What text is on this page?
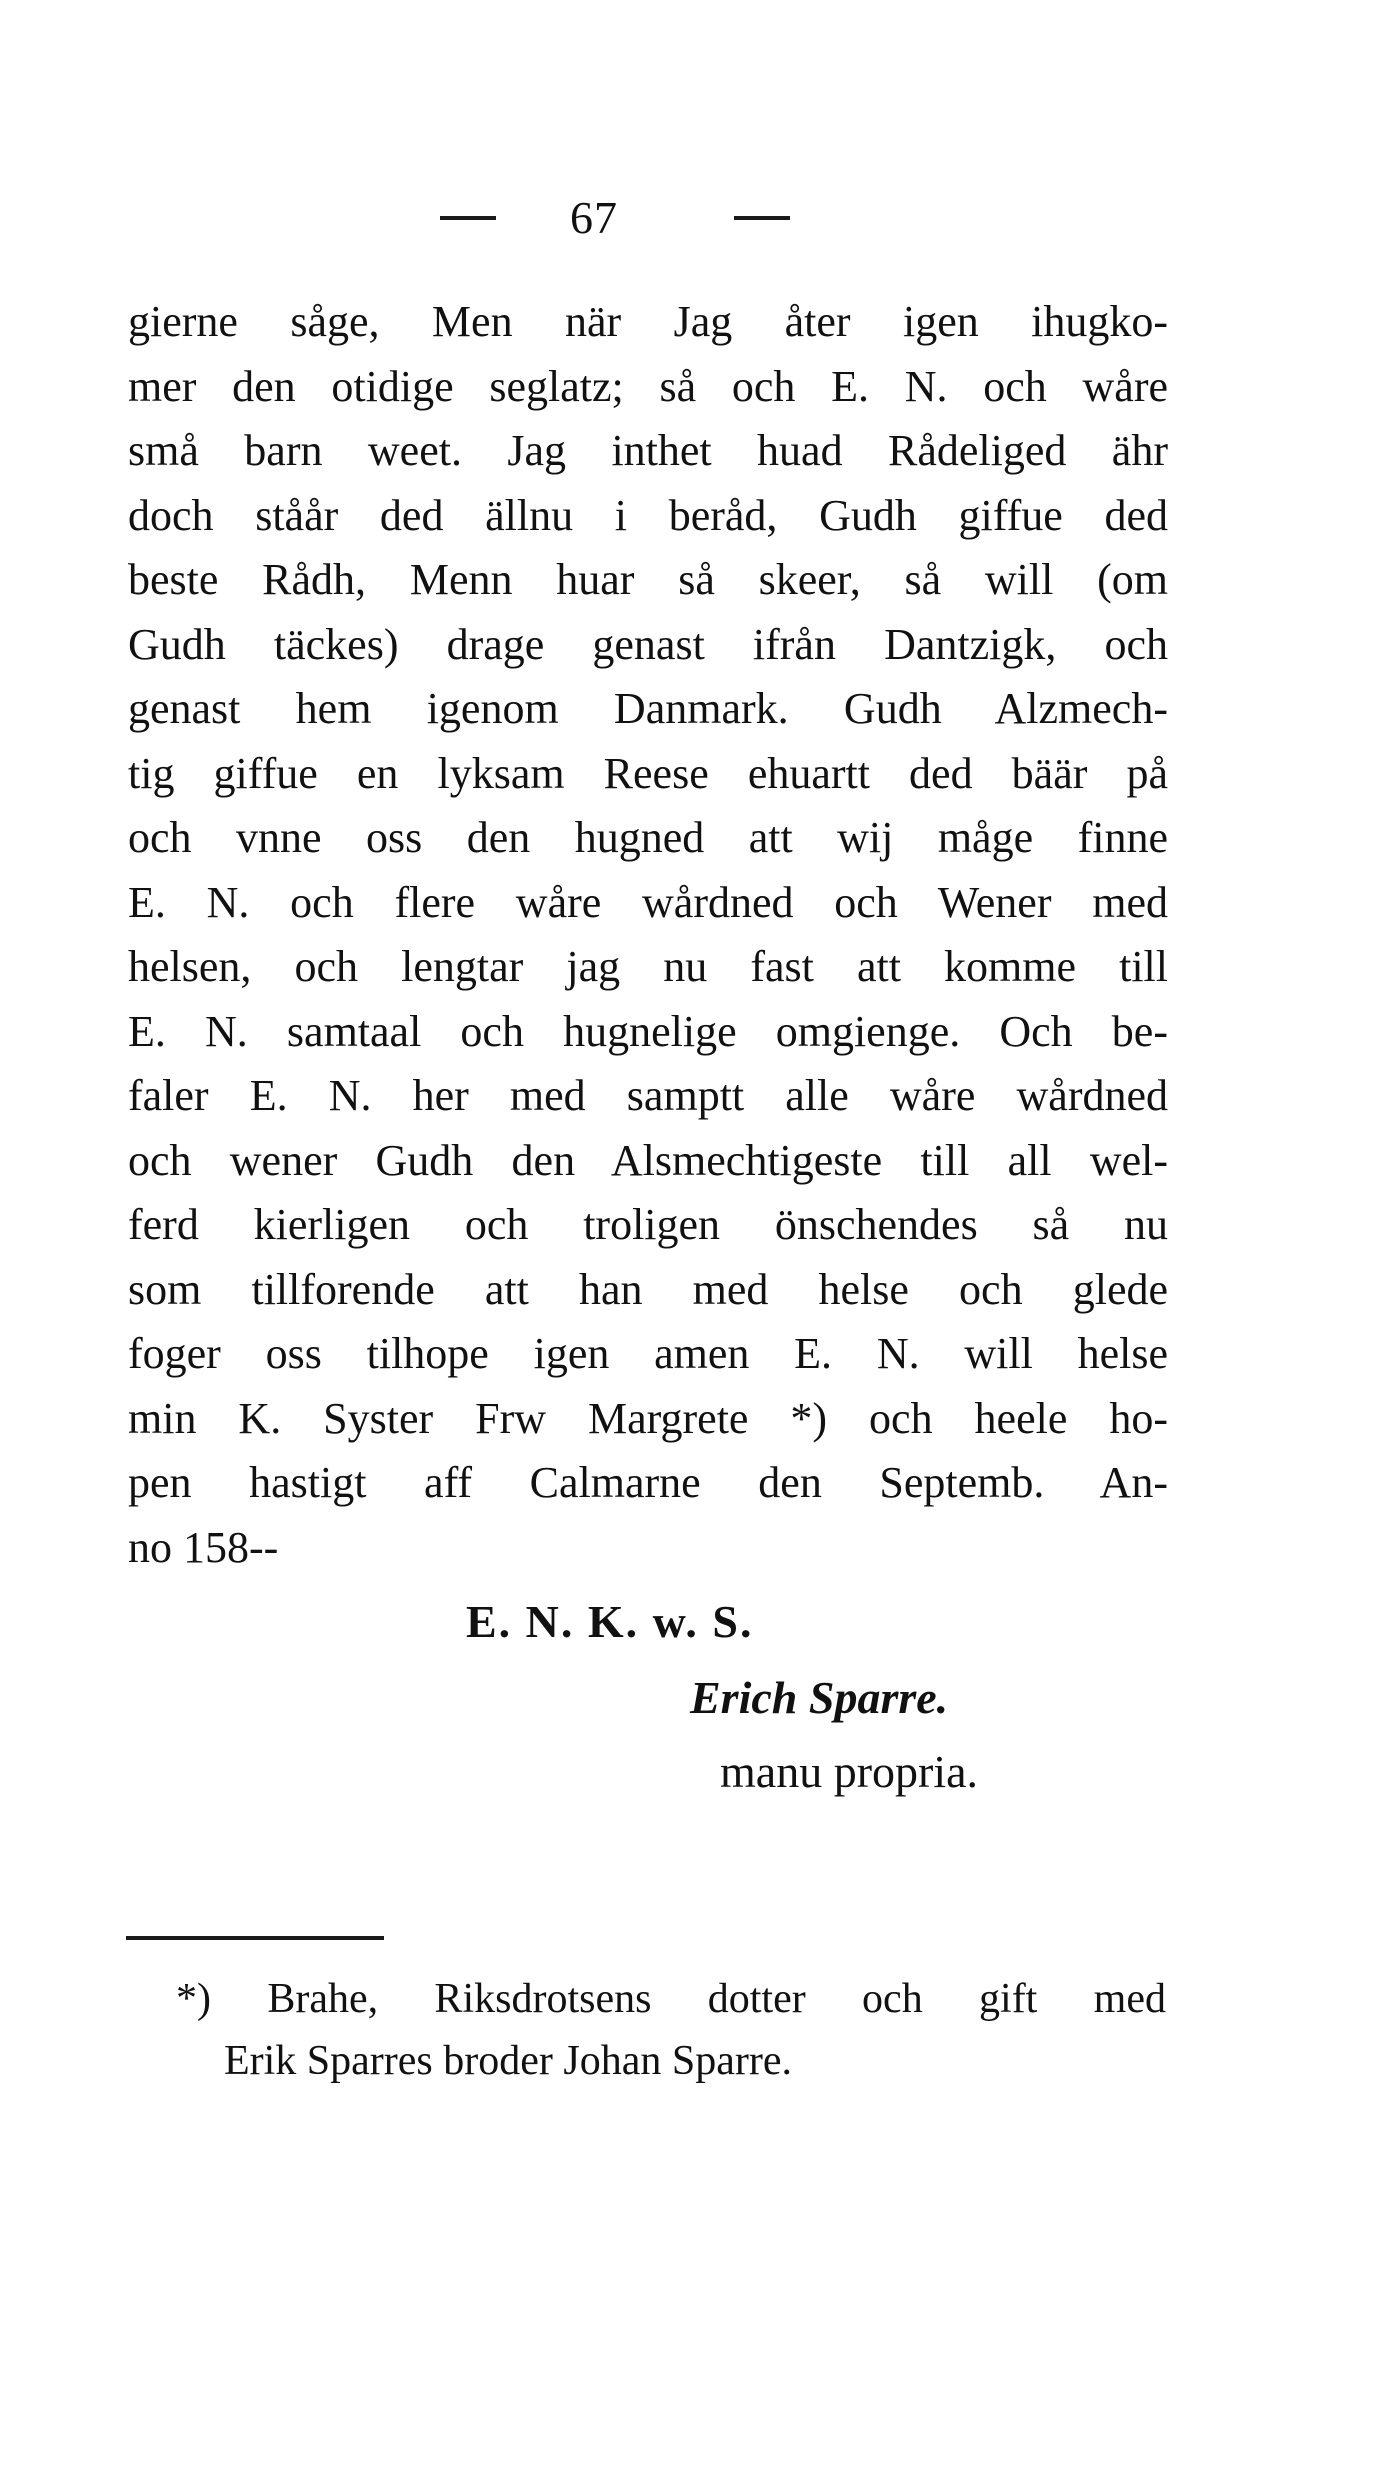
67
gierne såge, Men när Jag åter igen ihugko-
mer den otidige seglatz; så och E. N. och wåre
små barn weet. Jag inthet huad Rådeliged ähr
doch ståår ded ällnu i beråd, Gudh giffue ded
beste Rådh, Menn huar så skeer, så will (om
Gudh täckes) drage genast ifrån Dantzigk, och
genast hem igenom Danmark. Gudh Alzmech-
tig giffue en lyksam Reese ehuartt ded bäär på
och vnne oss den hugned att wij måge finne
E. N. och flere wåre wårdned och Wener med
helsen, och lengtar jag nu fast att komme till
E. N. samtaal och hugnelige omgienge. Och be-
faler E. N. her med samptt alle wåre wårdned
och wener Gudh den Alsmechtigeste till all wel-
ferd kierligen och troligen önschendes så nu
som tillforende att han med helse och glede
foger oss tilhope igen amen E. N. will helse
min K. Syster Frw Margrete *) och heele ho-
pen hastigt aff Calmarne den Septemb. An-
no 158--
E. N. K. w. S.
Erich Sparre.
manu propria.
*) Brahe, Riksdrotsens dotter och gift med
Erik Sparres broder Johan Sparre.
